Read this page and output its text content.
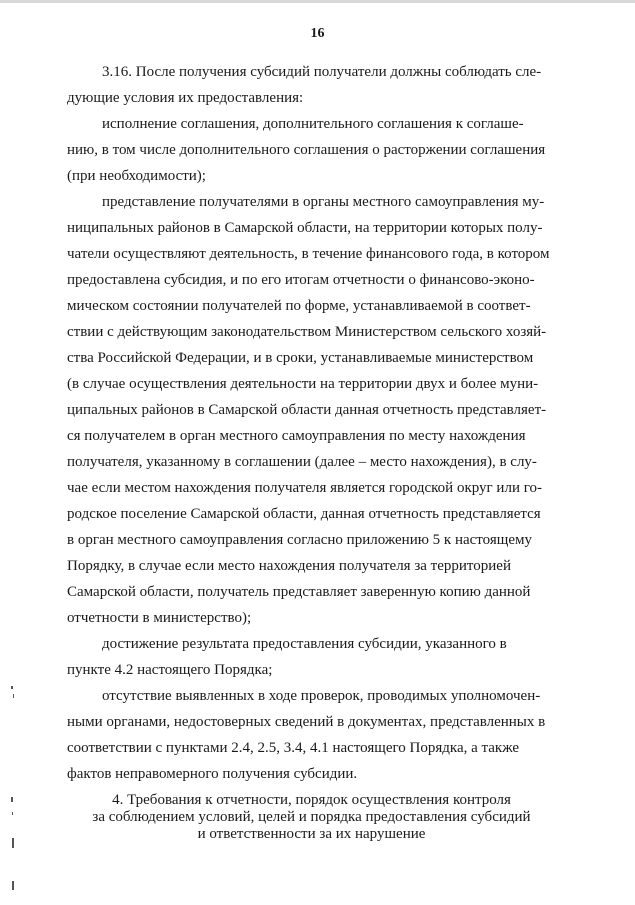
16

3.16. После получения субсидий получатели должны соблюдать сле-
дующие условия их предоставления:

исполнение соглашения, дополнительного соглашения к соглаше-
нию, в том числе дополнительного соглашения о расторжении соглашения
(при необходимости);

представление получателями в органы местного самоуправления му-
ниципальных районов в Самарской области, на территории которых полу-
чатели осуществляют деятельность, в течение финансового года, в котором
предоставлена субсидия, и по его итогам отчетности о финансово-эконо-
мическом состоянии получателей по форме, устанавливаемой в соответ-
ствии с действующим законодательством Министерством сельского хозяй-
ства Российской Федерации, и в сроки, устанавливаемые министерством
(в случае осуществления деятельности на территории двух и более муни-
ципальных районов в Самарской области данная отчетность представляет-
ся получателем в орган местного самоуправления по месту нахождения
получателя, указанному в соглашении (далее – место нахождения), в слу-
чае если местом нахождения получателя является городской округ или го-
родское поселение Самарской области, данная отчетность представляется
в орган местного самоуправления согласно приложению 5 к настоящему
Порядку, в случае если место нахождения получателя за территорией
Самарской области, получатель представляет заверенную копию данной
отчетности в министерство);

достижение результата предоставления субсидии, указанного в
пункте 4.2 настоящего Порядка;

отсутствие выявленных в ходе проверок, проводимых уполномочен-
ными органами, недостоверных сведений в документах, представленных в
соответствии с пунктами 2.4, 2.5, 3.4, 4.1 настоящего Порядка, а также
фактов неправомерного получения субсидии.

4. Требования к отчетности, порядок осуществления контроля
за соблюдением условий, целей и порядка предоставления субсидий
и ответственности за их нарушение
